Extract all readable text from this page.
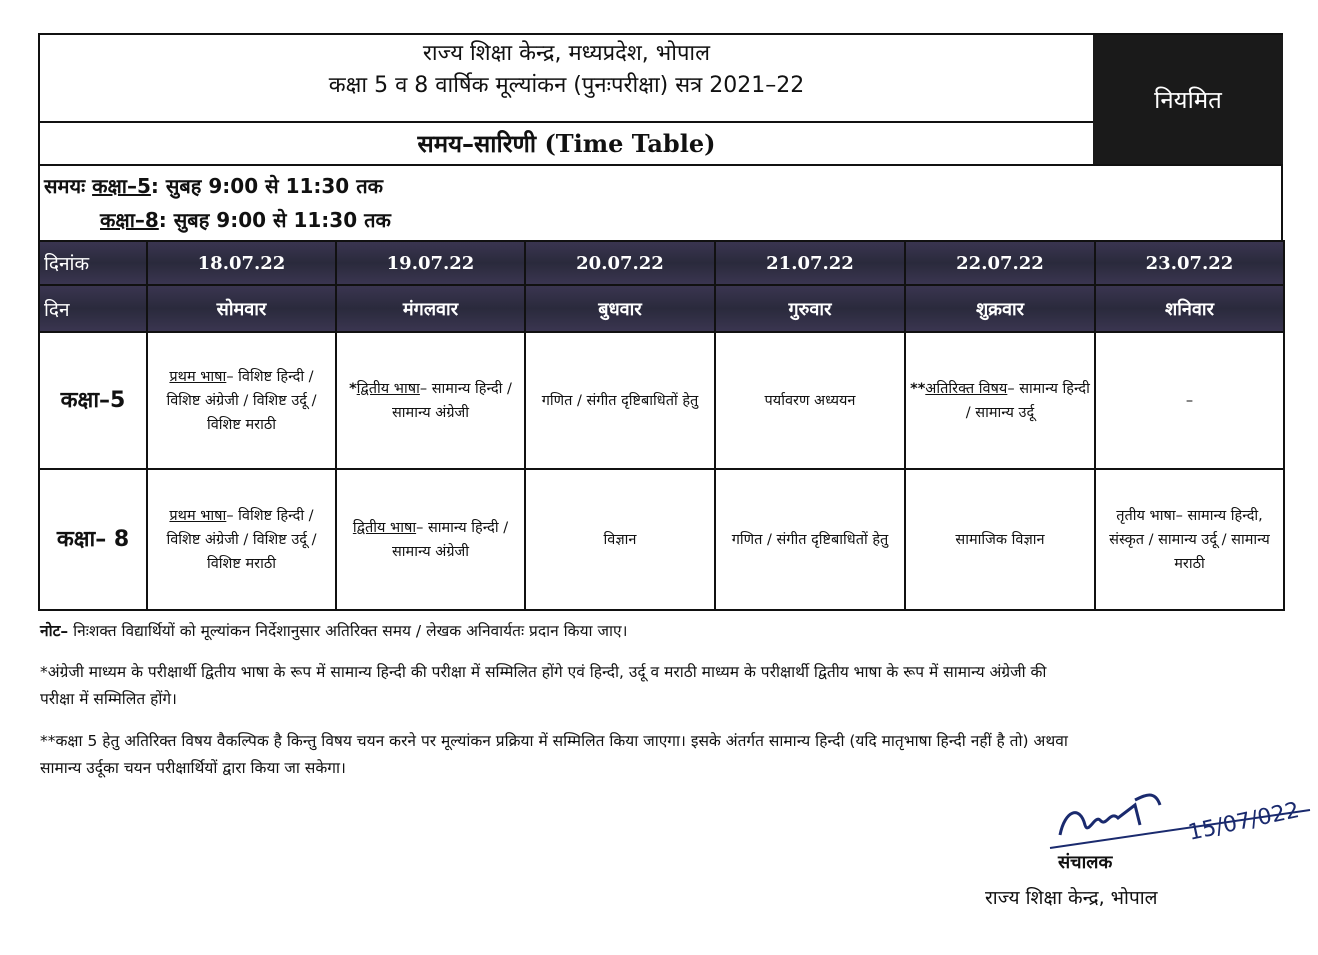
राज्य शिक्षा केन्द्र, मध्यप्रदेश, भोपाल
कक्षा 5 व 8 वार्षिक मूल्यांकन (पुनःपरीक्षा) सत्र 2021–22
समय–सारिणी (Time Table)
नियमित
समयः कक्षा–5: सुबह 9:00 से 11:30 तक
कक्षा–8: सुबह 9:00 से 11:30 तक
दिनांक	18.07.22	19.07.22	20.07.22	21.07.22	22.07.22	23.07.22
दिन	सोमवार	मंगलवार	बुधवार	गुरुवार	शुक्रवार	शनिवार
कक्षा–5	प्रथम भाषा– विशिष्ट हिन्दी / विशिष्ट अंग्रेजी / विशिष्ट उर्दू / विशिष्ट मराठी	*द्वितीय भाषा– सामान्य हिन्दी / सामान्य अंग्रेजी	गणित / संगीत दृष्टिबाधितों हेतु	पर्यावरण अध्ययन	**अतिरिक्त विषय– सामान्य हिन्दी / सामान्य उर्दू	–
कक्षा– 8	प्रथम भाषा– विशिष्ट हिन्दी / विशिष्ट अंग्रेजी / विशिष्ट उर्दू / विशिष्ट मराठी	द्वितीय भाषा– सामान्य हिन्दी / सामान्य अंग्रेजी	विज्ञान	गणित / संगीत दृष्टिबाधितों हेतु	सामाजिक विज्ञान	तृतीय भाषा– सामान्य हिन्दी, संस्कृत / सामान्य उर्दू / सामान्य मराठी
नोट– निःशक्त विद्यार्थियों को मूल्यांकन निर्देशानुसार अतिरिक्त समय / लेखक अनिवार्यतः प्रदान किया जाए।
*अंग्रेजी माध्यम के परीक्षार्थी द्वितीय भाषा के रूप में सामान्य हिन्दी की परीक्षा में सम्मिलित होंगे एवं हिन्दी, उर्दू व मराठी माध्यम के परीक्षार्थी द्वितीय भाषा के रूप में सामान्य अंग्रेजी की परीक्षा में सम्मिलित होंगे।
**कक्षा 5 हेतु अतिरिक्त विषय वैकल्पिक है किन्तु विषय चयन करने पर मूल्यांकन प्रक्रिया में सम्मिलित किया जाएगा। इसके अंतर्गत सामान्य हिन्दी (यदि मातृभाषा हिन्दी नहीं है तो) अथवा सामान्य उर्दूका चयन परीक्षार्थियों द्वारा किया जा सकेगा।
15/07/022
संचालक
राज्य शिक्षा केन्द्र, भोपाल
